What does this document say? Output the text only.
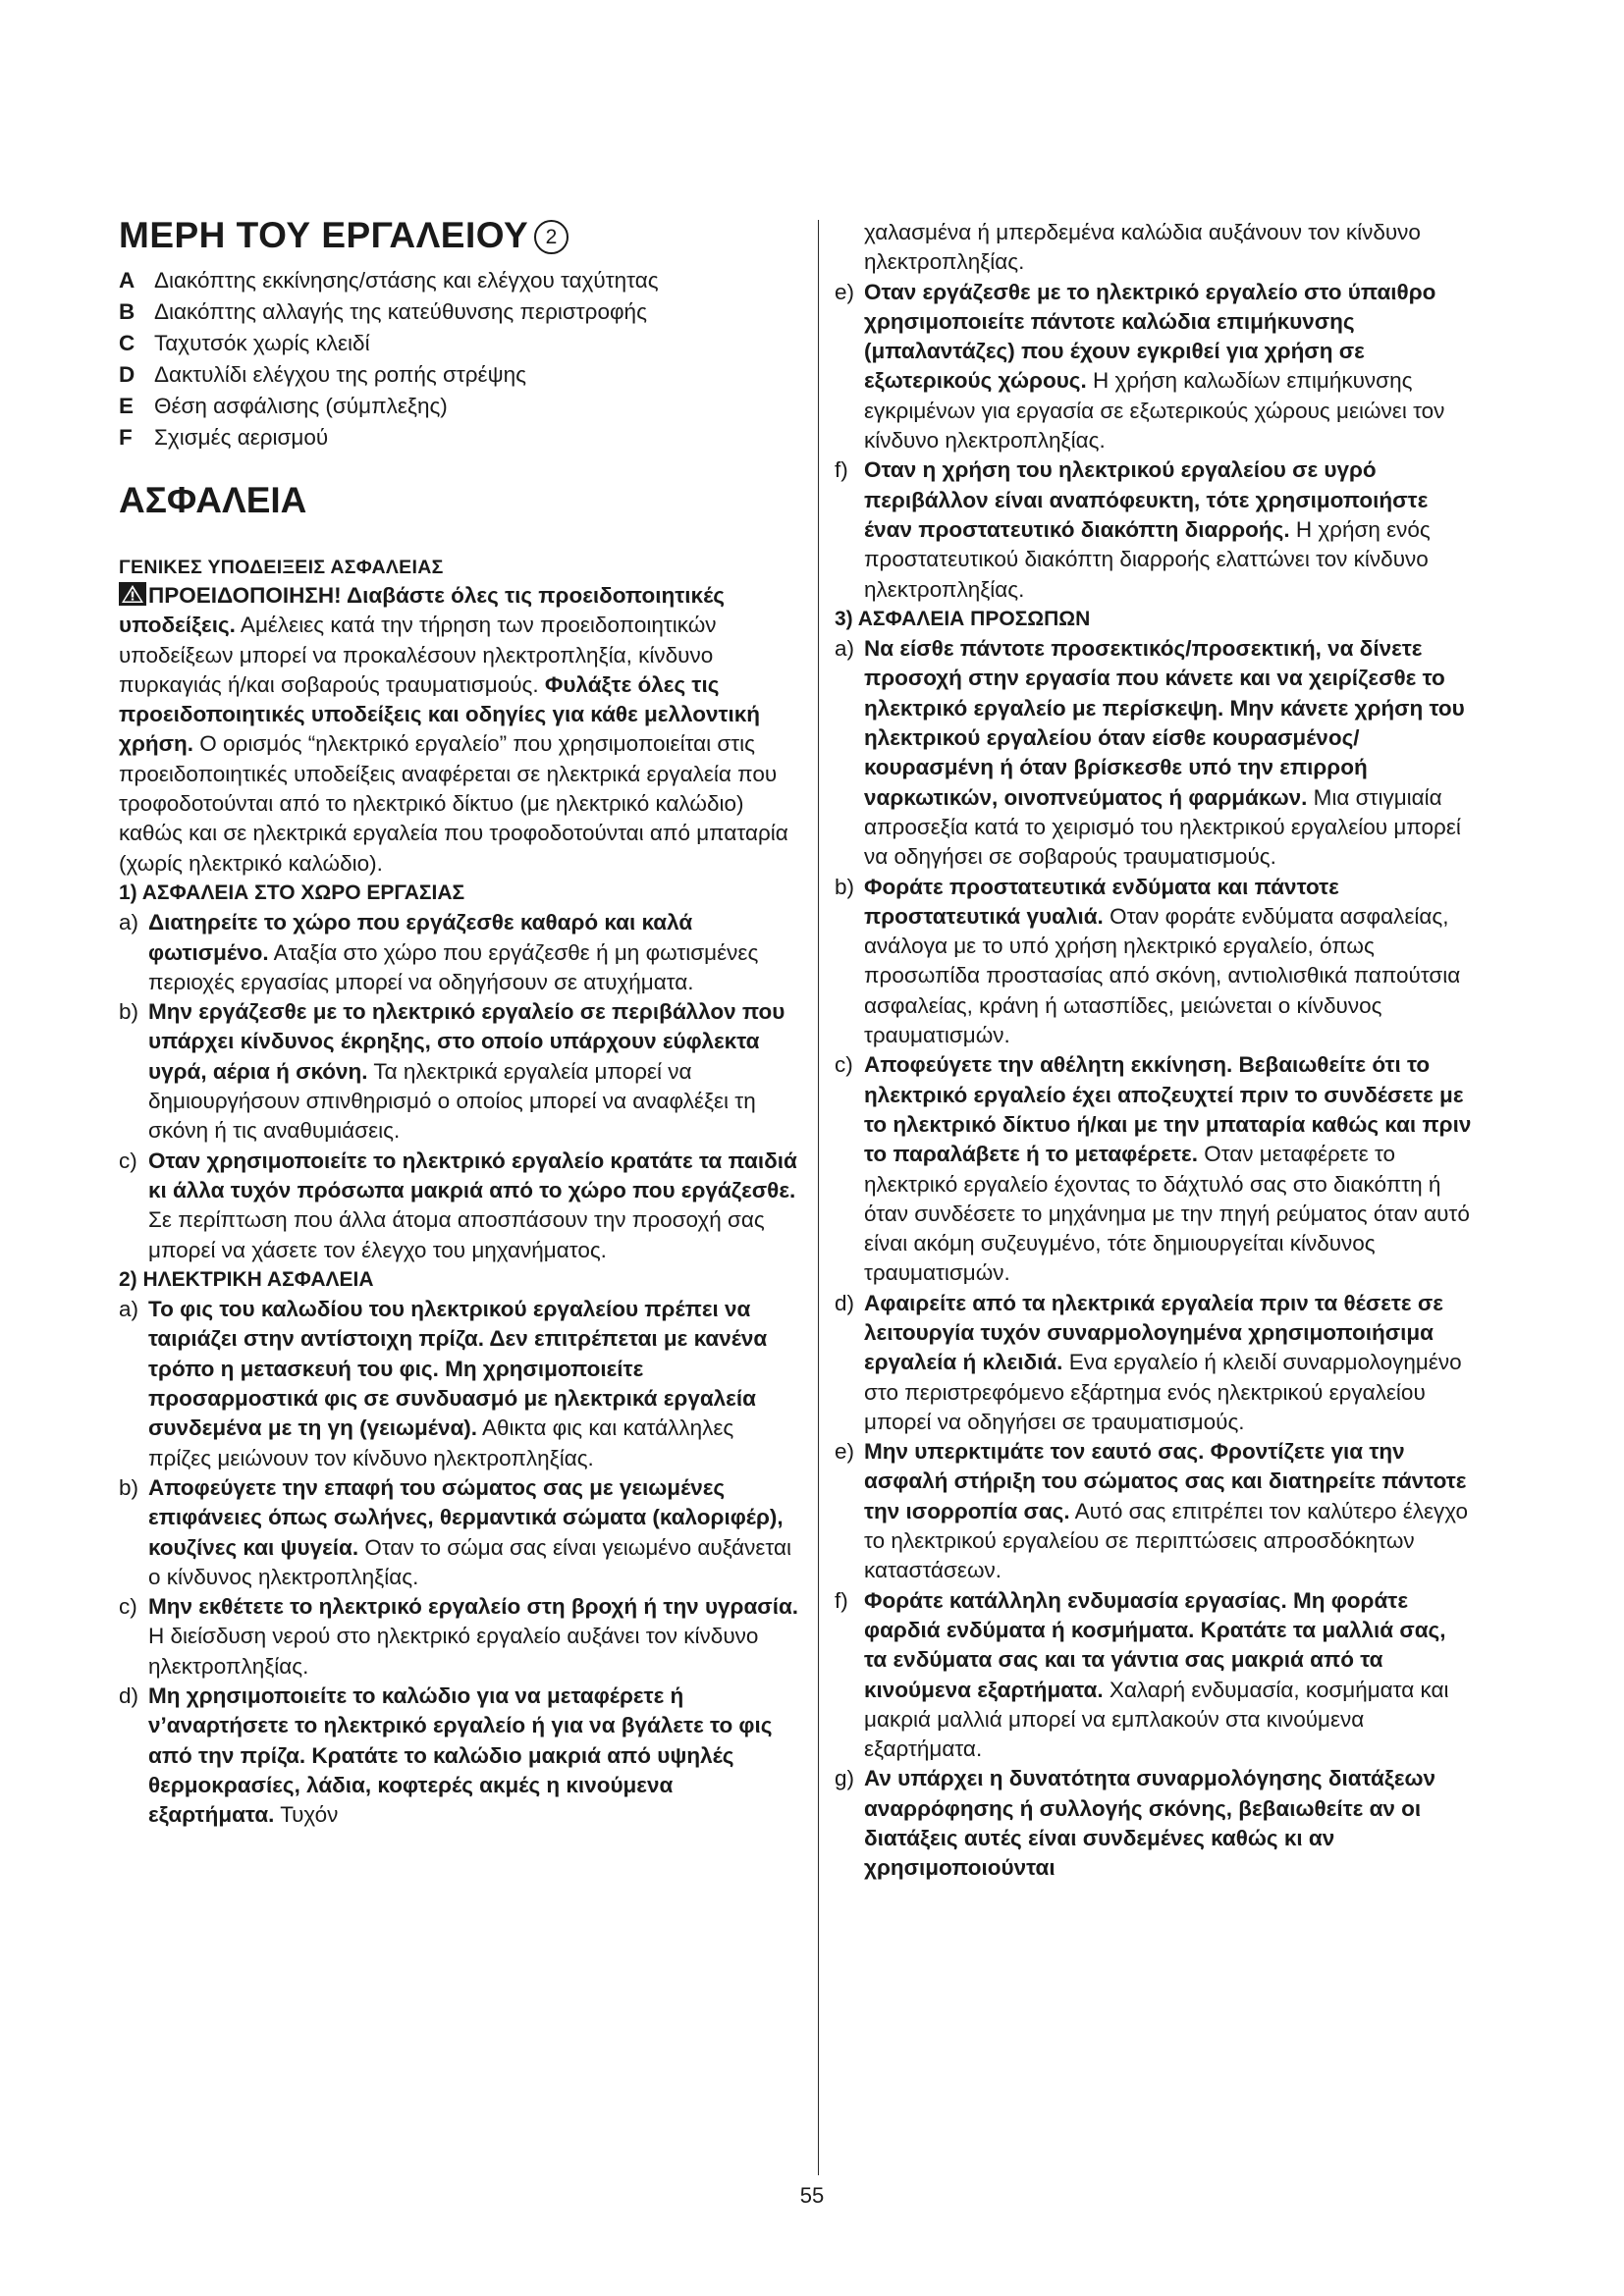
ΜΕΡΗ ΤΟΥ ΕΡΓΑΛΕΙΟΥ 2
A Διακόπτης εκκίνησης/στάσης και ελέγχου ταχύτητας
B Διακόπτης αλλαγής της κατεύθυνσης περιστροφής
C Ταχυτσόκ χωρίς κλειδί
D Δακτυλίδι ελέγχου της ροπής στρέψης
E Θέση ασφάλισης (σύμπλεξης)
F Σχισμές αερισμού
ΑΣΦΑΛΕΙΑ
ΓΕΝΙΚΕΣ ΥΠΟΔΕΙΞΕΙΣ ΑΣΦΑΛΕΙΑΣ

ΠΡΟΕΙΔΟΠΟΙΗΣΗ! Διαβάστε όλες τις προειδοποιητικές υποδείξεις. Αμέλειες κατά την τήρηση των προειδοποιητικών υποδείξεων μπορεί να προκαλέσουν ηλεκτροπληξία, κίνδυνο πυρκαγιάς ή/και σοβαρούς τραυματισμούς. Φυλάξτε όλες τις προειδοποιητικές υποδείξεις και οδηγίες για κάθε μελλοντική χρήση. Ο ορισμός “ηλεκτρικό εργαλείο” που χρησιμοποιείται στις προειδοποιητικές υποδείξεις αναφέρεται σε ηλεκτρικά εργαλεία που τροφοδοτούνται από το ηλεκτρικό δίκτυο (με ηλεκτρικό καλώδιο) καθώς και σε ηλεκτρικά εργαλεία που τροφοδοτούνται από μπαταρία (χωρίς ηλεκτρικό καλώδιο).

1) ΑΣΦΑΛΕΙΑ ΣΤΟ ΧΩΡΟ ΕΡΓΑΣΙΑΣ
a) Διατηρείτε το χώρο που εργάζεσθε καθαρό και καλά φωτισμένο. Αταξία στο χώρο που εργάζεσθε ή μη φωτισμένες περιοχές εργασίας μπορεί να οδηγήσουν σε ατυχήματα.
b) Μην εργάζεσθε με το ηλεκτρικό εργαλείο σε περιβάλλον που υπάρχει κίνδυνος έκρηξης, στο οποίο υπάρχουν εύφλεκτα υγρά, αέρια ή σκόνη. Τα ηλεκτρικά εργαλεία μπορεί να δημιουργήσουν σπινθηρισμό ο οποίος μπορεί να αναφλέξει τη σκόνη ή τις αναθυμιάσεις.
c) Οταν χρησιμοποιείτε το ηλεκτρικό εργαλείο κρατάτε τα παιδιά κι άλλα τυχόν πρόσωπα μακριά από το χώρο που εργάζεσθε. Σε περίπτωση που άλλα άτομα αποσπάσουν την προσοχή σας μπορεί να χάσετε τον έλεγχο του μηχανήματος.
2) ΗΛΕΚΤΡΙΚΗ ΑΣΦΑΛΕΙΑ
a) Το φις του καλωδίου του ηλεκτρικού εργαλείου πρέπει να ταιριάζει στην αντίστοιχη πρίζα. Δεν επιτρέπεται με κανένα τρόπο η μετασκευή του φις. Μη χρησιμοποιείτε προσαρμοστικά φις σε συνδυασμό με ηλεκτρικά εργαλεία συνδεμένα με τη γη (γειωμένα). Αθικτα φις και κατάλληλες πρίζες μειώνουν τον κίνδυνο ηλεκτροπληξίας.
b) Αποφεύγετε την επαφή του σώματος σας με γειωμένες επιφάνειες όπως σωλήνες, θερμαντικά σώματα (καλοριφέρ), κουζίνες και ψυγεία. Οταν το σώμα σας είναι γειωμένο αυξάνεται ο κίνδυνος ηλεκτροπληξίας.
c) Μην εκθέτετε το ηλεκτρικό εργαλείο στη βροχή ή την υγρασία. Η διείσδυση νερού στο ηλεκτρικό εργαλείο αυξάνει τον κίνδυνο ηλεκτροπληξίας.
d) Μη χρησιμοποιείτε το καλώδιο για να μεταφέρετε ή ν’αναρτήσετε το ηλεκτρικό εργαλείο ή για να βγάλετε το φις από την πρίζα. Κρατάτε το καλώδιο μακριά από υψηλές θερμοκρασίες, λάδια, κοφτερές ακμές η κινούμενα εξαρτήματα. Τυχόν
χαλασμένα ή μπερδεμένα καλώδια αυξάνουν τον κίνδυνο ηλεκτροπληξίας.
e) Οταν εργάζεσθε με το ηλεκτρικό εργαλείο στο ύπαιθρο χρησιμοποιείτε πάντοτε καλώδια επιμήκυνσης (μπαλαντάζες) που έχουν εγκριθεί για χρήση σε εξωτερικούς χώρους. Η χρήση καλωδίων επιμήκυνσης εγκριμένων για εργασία σε εξωτερικούς χώρους μειώνει τον κίνδυνο ηλεκτροπληξίας.
f) Οταν η χρήση του ηλεκτρικού εργαλείου σε υγρό περιβάλλον είναι αναπόφευκτη, τότε χρησιμοποιήστε έναν προστατευτικό διακόπτη διαρροής. Η χρήση ενός προστατευτικού διακόπτη διαρροής ελαττώνει τον κίνδυνο ηλεκτροπληξίας.
3) ΑΣΦΑΛΕΙΑ ΠΡΟΣΩΠΩΝ
a) Να είσθε πάντοτε προσεκτικός/προσεκτική, να δίνετε προσοχή στην εργασία που κάνετε και να χειρίζεσθε το ηλεκτρικό εργαλείο με περίσκεψη. Μην κάνετε χρήση του ηλεκτρικού εργαλείου όταν είσθε κουρασμένος/κουρασμένη ή όταν βρίσκεσθε υπό την επιρροή ναρκωτικών, οινοπνεύματος ή φαρμάκων. Μια στιγμιαία απροσεξία κατά το χειρισμό του ηλεκτρικού εργαλείου μπορεί να οδηγήσει σε σοβαρούς τραυματισμούς.
b) Φοράτε προστατευτικά ενδύματα και πάντοτε προστατευτικά γυαλιά. Οταν φοράτε ενδύματα ασφαλείας, ανάλογα με το υπό χρήση ηλεκτρικό εργαλείο, όπως προσωπίδα προστασίας από σκόνη, αντιολισθικά παπούτσια ασφαλείας, κράνη ή ωτασπίδες, μειώνεται ο κίνδυνος τραυματισμών.
c) Αποφεύγετε την αθέλητη εκκίνηση. Βεβαιωθείτε ότι το ηλεκτρικό εργαλείο έχει αποζευχτεί πριν το συνδέσετε με το ηλεκτρικό δίκτυο ή/και με την μπαταρία καθώς και πριν το παραλάβετε ή το μεταφέρετε. Οταν μεταφέρετε το ηλεκτρικό εργαλείο έχοντας το δάχτυλό σας στο διακόπτη ή όταν συνδέσετε το μηχάνημα με την πηγή ρεύματος όταν αυτό είναι ακόμη συζευγμένο, τότε δημιουργείται κίνδυνος τραυματισμών.
d) Αφαιρείτε από τα ηλεκτρικά εργαλεία πριν τα θέσετε σε λειτουργία τυχόν συναρμολογημένα χρησιμοποιήσιμα εργαλεία ή κλειδιά. Ενα εργαλείο ή κλειδί συναρμολογημένο στο περιστρεφόμενο εξάρτημα ενός ηλεκτρικού εργαλείου μπορεί να οδηγήσει σε τραυματισμούς.
e) Μην υπερκτιμάτε τον εαυτό σας. Φροντίζετε για την ασφαλή στήριξη του σώματος σας και διατηρείτε πάντοτε την ισορροπία σας. Αυτό σας επιτρέπει τον καλύτερο έλεγχο το ηλεκτρικού εργαλείου σε περιπτώσεις απροσδόκητων καταστάσεων.
f) Φοράτε κατάλληλη ενδυμασία εργασίας. Μη φοράτε φαρδιά ενδύματα ή κοσμήματα. Κρατάτε τα μαλλιά σας, τα ενδύματα σας και τα γάντια σας μακριά από τα κινούμενα εξαρτήματα. Χαλαρή ενδυμασία, κοσμήματα και μακριά μαλλιά μπορεί να εμπλακούν στα κινούμενα εξαρτήματα.
g) Αν υπάρχει η δυνατότητα συναρμολόγησης διατάξεων αναρρόφησης ή συλλογής σκόνης, βεβαιωθείτε αν οι διατάξεις αυτές είναι συνδεμένες καθώς κι αν χρησιμοποιούνται
55
